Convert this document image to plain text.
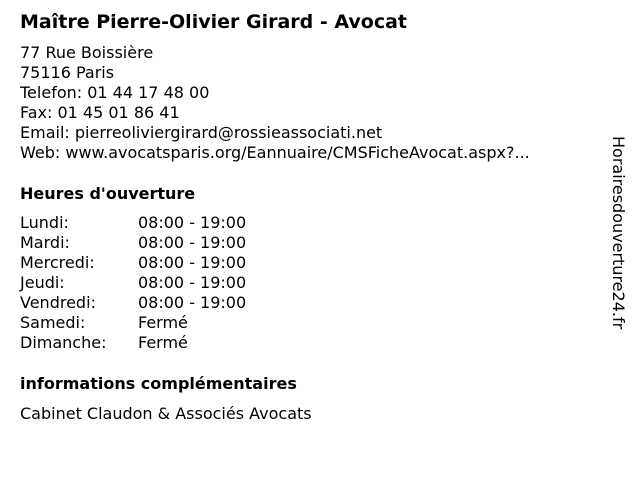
Maître Pierre-Olivier Girard - Avocat
77 Rue Boissière
75116 Paris
Telefon: 01 44 17 48 00
Fax: 01 45 01 86 41
Email: pierreoliviergirard@rossieassociati.net
Web: www.avocatsparis.org/Eannuaire/CMSFicheAvocat.aspx?...
Heures d'ouverture
Lundi:	08:00 - 19:00
Mardi:	08:00 - 19:00
Mercredi:	08:00 - 19:00
Jeudi:	08:00 - 19:00
Vendredi:	08:00 - 19:00
Samedi:	Fermé
Dimanche:	Fermé
informations complémentaires
Cabinet Claudon & Associés Avocats
Horairesdouverture24.fr
